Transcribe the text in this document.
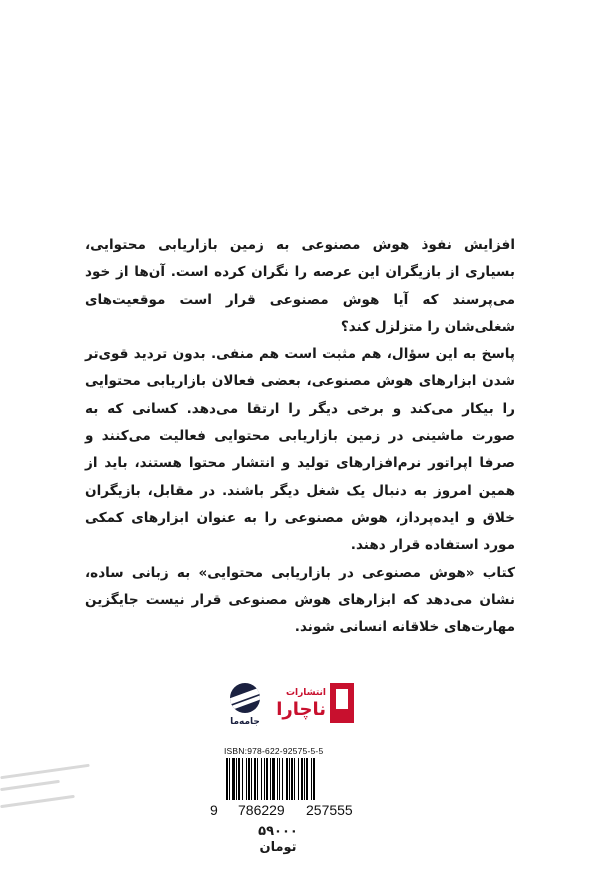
افزایش نفوذ هوش مصنوعی به زمین بازاریابی محتوایی، بسیاری از بازیگران این عرصه را نگران کرده است. آن‌ها از خود می‌پرسند که آیا هوش مصنوعی قرار است موقعیت‌های شغلی‌شان را متزلزل کند؟

پاسخ به این سؤال، هم مثبت است هم منفی. بدون تردید قوی‌تر شدن ابزارهای هوش مصنوعی، بعضی فعالان بازاریابی محتوایی را بیکار می‌کند و برخی دیگر را ارتقا می‌دهد. کسانی که به صورت ماشینی در زمین بازاریابی محتوایی فعالیت می‌کنند و صرفا اپراتور نرم‌افزارهای تولید و انتشار محتوا هستند، باید از همین امروز به دنبال یک شغل دیگر باشند. در مقابل، بازیگران خلاق و ایده‌پرداز، هوش مصنوعی را به عنوان ابزارهای کمکی مورد استفاده قرار دهند.

کتاب «هوش مصنوعی در بازاریابی محتوایی» به زبانی ساده، نشان می‌دهد که ابزارهای هوش مصنوعی قرار نیست جایگزین مهارت‌های خلاقانه انسانی شوند.

انتشارات
ناچارا
جامه‌ما
ISBN:978-622-92575-5-5
9 786229 257555
۵۹۰۰۰
تومان
